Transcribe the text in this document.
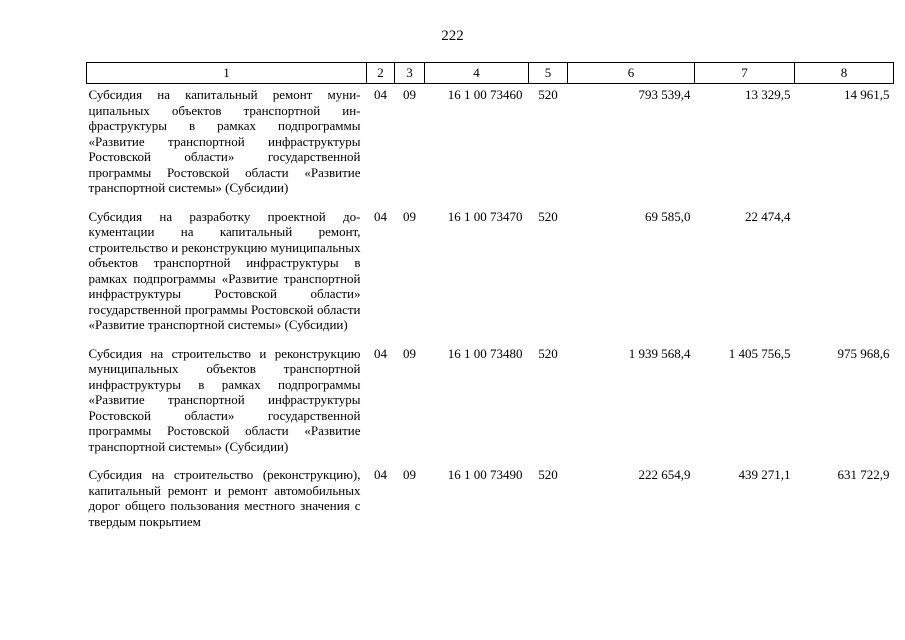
222
1	2	3	4	5	6	7	8
Субсидия на капитальный ремонт муниципальных объектов транспортной инфраструктуры в рамках подпрограммы «Развитие транспортной инфраструктуры Ростовской области» государственной программы Ростовской области «Развитие транспортной системы» (Субсидии)	04	09	16 1 00 73460	520	793 539,4	13 329,5	14 961,5
Субсидия на разработку проектной документации на капитальный ремонт, строительство и реконструкцию муниципальных объектов транспортной инфраструктуры в рамках подпрограммы «Развитие транспортной инфраструктуры Ростовской области» государственной программы Ростовской области «Развитие транспортной системы» (Субсидии)	04	09	16 1 00 73470	520	69 585,0	22 474,4	
Субсидия на строительство и реконструкцию муниципальных объектов транспортной инфраструктуры в рамках подпрограммы «Развитие транспортной инфраструктуры Ростовской области» государственной программы Ростовской области «Развитие транспортной системы» (Субсидии)	04	09	16 1 00 73480	520	1 939 568,4	1 405 756,5	975 968,6
Субсидия на строительство (реконструкцию), капитальный ремонт и ремонт автомобильных дорог общего пользования местного значения с твердым покрытием	04	09	16 1 00 73490	520	222 654,9	439 271,1	631 722,9
